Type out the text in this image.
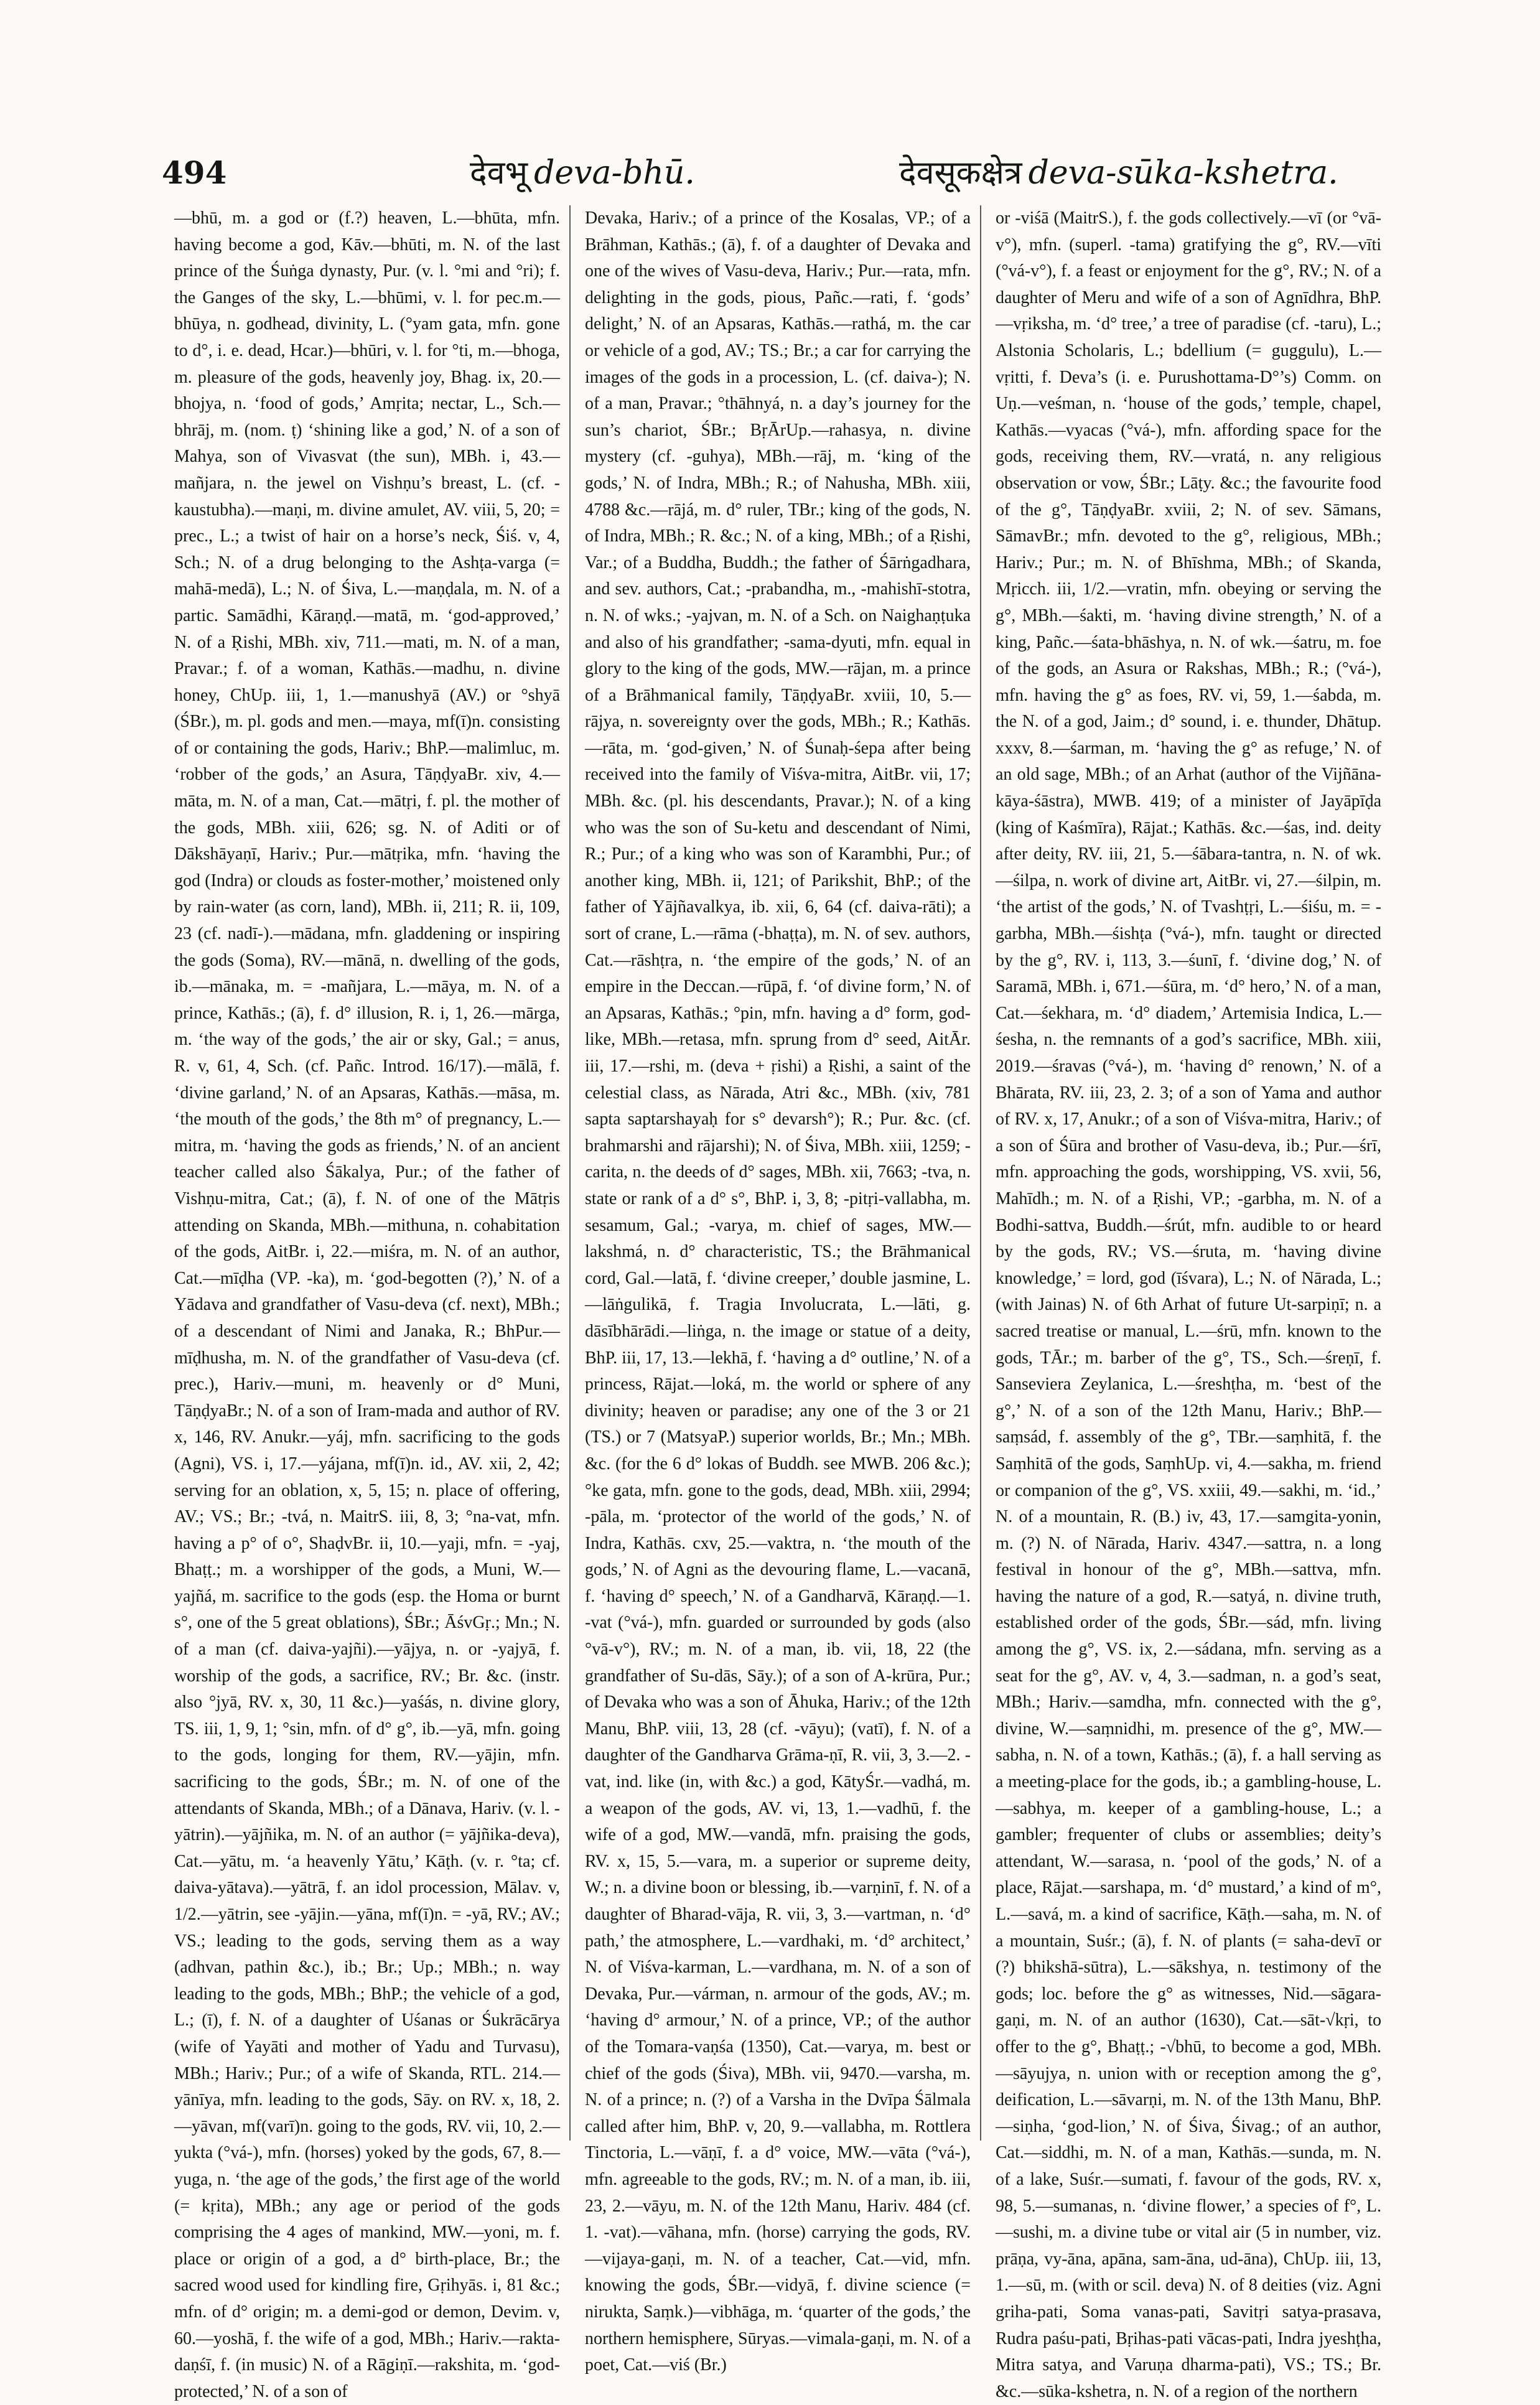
494	देवभू deva-bhū.	देवसूकक्षेत्र deva-sūka-kshetra.
—bhū, m. a god or (f.?) heaven, L.—bhūta, mfn. having become a god, Kāv.—bhūti, m. N. of the last prince of the Śuṅga dynasty, Pur. (v. l. °mi and °ri); f. the Ganges of the sky, L.—bhūmi, v. l. for pec.m.—bhūya, n. godhead, divinity, L. (°yam gata, mfn. gone to d°, i. e. dead, Hcar.)—bhūri, v. l. for °ti, m.—bhoga, m. pleasure of the gods, heavenly joy, Bhag. ix, 20.—bhojya, n. ‘food of gods,’ Amṛita; nectar, L., Sch.—bhrāj, m. (nom. ṭ) ‘shining like a god,’ N. of a son of Mahya, son of Vivasvat (the sun), MBh. i, 43.—mañjara, n. the jewel on Vishṇu’s breast, L. (cf. -kaustubha).—maṇi, m. divine amulet, AV. viii, 5, 20; = prec., L.; a twist of hair on a horse’s neck, Śiś. v, 4, Sch.; N. of a drug belonging to the Ashṭa-varga (= mahā-medā), L.; N. of Śiva, L.—maṇḍala, m. N. of a partic. Samādhi, Kāraṇḍ.—matā, m. ‘god-approved,’ N. of a Ṛishi, MBh. xiv, 711.—mati, m. N. of a man, Pravar.; f. of a woman, Kathās.—madhu, n. divine honey, ChUp. iii, 1, 1.—manushyā (AV.) or °shyā (ŚBr.), m. pl. gods and men.—maya, mf(ī)n. consisting of or containing the gods, Hariv.; BhP.—malimluc, m. ‘robber of the gods,’ an Asura, TāṇḍyaBr. xiv, 4.—māta, m. N. of a man, Cat.—mātṛi, f. pl. the mother of the gods, MBh. xiii, 626; sg. N. of Aditi or of Dākshāyaṇī, Hariv.; Pur.—mātṛika, mfn. ‘having the god (Indra) or clouds as foster-mother,’ moistened only by rain-water (as corn, land), MBh. ii, 211; R. ii, 109, 23 (cf. nadī-).—mādana, mfn. gladdening or inspiring the gods (Soma), RV.—mānā, n. dwelling of the gods, ib.—mānaka, m. = -mañjara, L.—māya, m. N. of a prince, Kathās.; (ā), f. d° illusion, R. i, 1, 26.—mārga, m. ‘the way of the gods,’ the air or sky, Gal.; = anus, R. v, 61, 4, Sch. (cf. Pañc. Introd. 16/17).—mālā, f. ‘divine garland,’ N. of an Apsaras, Kathās.—māsa, m. ‘the mouth of the gods,’ the 8th m° of pregnancy, L.—mitra, m. ‘having the gods as friends,’ N. of an ancient teacher called also Śākalya, Pur.; of the father of Vishṇu-mitra, Cat.; (ā), f. N. of one of the Mātṛis attending on Skanda, MBh.—mithuna, n. cohabitation of the gods, AitBr. i, 22.—miśra, m. N. of an author, Cat.—mīḍha (VP. -ka), m. ‘god-begotten (?),’ N. of a Yādava and grandfather of Vasu-deva (cf. next), MBh.; of a descendant of Nimi and Janaka, R.; BhPur.—mīḍhusha, m. N. of the grandfather of Vasu-deva (cf. prec.), Hariv.—muni, m. heavenly or d° Muni, TāṇḍyaBr.; N. of a son of Iram-mada and author of RV. x, 146, RV. Anukr.—yáj, mfn. sacrificing to the gods (Agni), VS. i, 17.—yájana, mf(ī)n. id., AV. xii, 2, 42; serving for an oblation, x, 5, 15; n. place of offering, AV.; VS.; Br.; -tvá, n. MaitrS. iii, 8, 3; °na-vat, mfn. having a p° of o°, ShaḍvBr. ii, 10.—yaji, mfn. = -yaj, Bhaṭṭ.; m. a worshipper of the gods, a Muni, W.—yajñá, m. sacrifice to the gods (esp. the Homa or burnt s°, one of the 5 great oblations), ŚBr.; ĀśvGṛ.; Mn.; N. of a man (cf. daiva-yajñi).—yājya, n. or -yajyā, f. worship of the gods, a sacrifice, RV.; Br. &c. (instr. also °jyā, RV. x, 30, 11 &c.)—yaśás, n. divine glory, TS. iii, 1, 9, 1; °sin, mfn. of d° g°, ib.—yā, mfn. going to the gods, longing for them, RV.—yājin, mfn. sacrificing to the gods, ŚBr.; m. N. of one of the attendants of Skanda, MBh.; of a Dānava, Hariv. (v. l. -yātrin).—yājñika, m. N. of an author (= yājñika-deva), Cat.—yātu, m. ‘a heavenly Yātu,’ Kāṭh. (v. r. °ta; cf. daiva-yātava).—yātrā, f. an idol procession, Mālav. v, 1/2.—yātrin, see -yājin.—yāna, mf(ī)n. = -yā, RV.; AV.; VS.; leading to the gods, serving them as a way (adhvan, pathin &c.), ib.; Br.; Up.; MBh.; n. way leading to the gods, MBh.; BhP.; the vehicle of a god, L.; (ī), f. N. of a daughter of Uśanas or Śukrācārya (wife of Yayāti and mother of Yadu and Turvasu), MBh.; Hariv.; Pur.; of a wife of Skanda, RTL. 214.—yānīya, mfn. leading to the gods, Sāy. on RV. x, 18, 2.—yāvan, mf(varī)n. going to the gods, RV. vii, 10, 2.—yukta (°vá-), mfn. (horses) yoked by the gods, 67, 8.—yuga, n. ‘the age of the gods,’ the first age of the world (= kṛita), MBh.; any age or period of the gods comprising the 4 ages of mankind, MW.—yoni, m. f. place or origin of a god, a d° birth-place, Br.; the sacred wood used for kindling fire, Gṛihyās. i, 81 &c.; mfn. of d° origin; m. a demi-god or demon, Devim. v, 60.—yoshā, f. the wife of a god, MBh.; Hariv.—rakta-daṇśī, f. (in music) N. of a Rāgiṇī.—rakshita, m. ‘god-protected,’ N. of a son of
Devaka, Hariv.; of a prince of the Kosalas, VP.; of a Brāhman, Kathās.; (ā), f. of a daughter of Devaka and one of the wives of Vasu-deva, Hariv.; Pur.—rata, mfn. delighting in the gods, pious, Pañc.—rati, f. ‘gods’ delight,’ N. of an Apsaras, Kathās.—rathá, m. the car or vehicle of a god, AV.; TS.; Br.; a car for carrying the images of the gods in a procession, L. (cf. daiva-); N. of a man, Pravar.; °thāhnyá, n. a day’s journey for the sun’s chariot, ŚBr.; BṛĀrUp.—rahasya, n. divine mystery (cf. -guhya), MBh.—rāj, m. ‘king of the gods,’ N. of Indra, MBh.; R.; of Nahusha, MBh. xiii, 4788 &c.—rājá, m. d° ruler, TBr.; king of the gods, N. of Indra, MBh.; R. &c.; N. of a king, MBh.; of a Ṛishi, Var.; of a Buddha, Buddh.; the father of Śārṅgadhara, and sev. authors, Cat.; -prabandha, m., -mahishī-stotra, n. N. of wks.; -yajvan, m. N. of a Sch. on Naighaṇṭuka and also of his grandfather; -sama-dyuti, mfn. equal in glory to the king of the gods, MW.—rājan, m. a prince of a Brāhmanical family, TāṇḍyaBr. xviii, 10, 5.—rājya, n. sovereignty over the gods, MBh.; R.; Kathās.—rāta, m. ‘god-given,’ N. of Śunaḥ-śepa after being received into the family of Viśva-mitra, AitBr. vii, 17; MBh. &c. (pl. his descendants, Pravar.); N. of a king who was the son of Su-ketu and descendant of Nimi, R.; Pur.; of a king who was son of Karambhi, Pur.; of another king, MBh. ii, 121; of Parikshit, BhP.; of the father of Yājñavalkya, ib. xii, 6, 64 (cf. daiva-rāti); a sort of crane, L.—rāma (-bhaṭṭa), m. N. of sev. authors, Cat.—rāshṭra, n. ‘the empire of the gods,’ N. of an empire in the Deccan.—rūpā, f. ‘of divine form,’ N. of an Apsaras, Kathās.; °pin, mfn. having a d° form, god-like, MBh.—retasa, mfn. sprung from d° seed, AitĀr. iii, 17.—rshi, m. (deva + ṛishi) a Ṛishi, a saint of the celestial class, as Nārada, Atri &c., MBh. (xiv, 781 sapta saptarshayaḥ for s° devarsh°); R.; Pur. &c. (cf. brahmarshi and rājarshi); N. of Śiva, MBh. xiii, 1259; -carita, n. the deeds of d° sages, MBh. xii, 7663; -tva, n. state or rank of a d° s°, BhP. i, 3, 8; -pitṛi-vallabha, m. sesamum, Gal.; -varya, m. chief of sages, MW.—lakshmá, n. d° characteristic, TS.; the Brāhmanical cord, Gal.—latā, f. ‘divine creeper,’ double jasmine, L.—lāṅgulikā, f. Tragia Involucrata, L.—lāti, g. dāsībhārādi.—liṅga, n. the image or statue of a deity, BhP. iii, 17, 13.—lekhā, f. ‘having a d° outline,’ N. of a princess, Rājat.—loká, m. the world or sphere of any divinity; heaven or paradise; any one of the 3 or 21 (TS.) or 7 (MatsyaP.) superior worlds, Br.; Mn.; MBh. &c. (for the 6 d° lokas of Buddh. see MWB. 206 &c.); °ke gata, mfn. gone to the gods, dead, MBh. xiii, 2994; -pāla, m. ‘protector of the world of the gods,’ N. of Indra, Kathās. cxv, 25.—vaktra, n. ‘the mouth of the gods,’ N. of Agni as the devouring flame, L.—vacanā, f. ‘having d° speech,’ N. of a Gandharvā, Kāraṇḍ.—1. -vat (°vá-), mfn. guarded or surrounded by gods (also °vā-v°), RV.; m. N. of a man, ib. vii, 18, 22 (the grandfather of Su-dās, Sāy.); of a son of A-krūra, Pur.; of Devaka who was a son of Āhuka, Hariv.; of the 12th Manu, BhP. viii, 13, 28 (cf. -vāyu); (vatī), f. N. of a daughter of the Gandharva Grāma-ṇī, R. vii, 3, 3.—2. -vat, ind. like (in, with &c.) a god, KātyŚr.—vadhá, m. a weapon of the gods, AV. vi, 13, 1.—vadhū, f. the wife of a god, MW.—vandā, mfn. praising the gods, RV. x, 15, 5.—vara, m. a superior or supreme deity, W.; n. a divine boon or blessing, ib.—varṇinī, f. N. of a daughter of Bharad-vāja, R. vii, 3, 3.—vartman, n. ‘d° path,’ the atmosphere, L.—vardhaki, m. ‘d° architect,’ N. of Viśva-karman, L.—vardhana, m. N. of a son of Devaka, Pur.—várman, n. armour of the gods, AV.; m. ‘having d° armour,’ N. of a prince, VP.; of the author of the Tomara-vaṇśa (1350), Cat.—varya, m. best or chief of the gods (Śiva), MBh. vii, 9470.—varsha, m. N. of a prince; n. (?) of a Varsha in the Dvīpa Śālmala called after him, BhP. v, 20, 9.—vallabha, m. Rottlera Tinctoria, L.—vāṇī, f. a d° voice, MW.—vāta (°vá-), mfn. agreeable to the gods, RV.; m. N. of a man, ib. iii, 23, 2.—vāyu, m. N. of the 12th Manu, Hariv. 484 (cf. 1. -vat).—vāhana, mfn. (horse) carrying the gods, RV.—vijaya-gaṇi, m. N. of a teacher, Cat.—vid, mfn. knowing the gods, ŚBr.—vidyā, f. divine science (= nirukta, Saṃk.)—vibhāga, m. ‘quarter of the gods,’ the northern hemisphere, Sūryas.—vimala-gaṇi, m. N. of a poet, Cat.—viś (Br.)
or -viśā (MaitrS.), f. the gods collectively.—vī (or °vā-v°), mfn. (superl. -tama) gratifying the g°, RV.—vīti (°vá-v°), f. a feast or enjoyment for the g°, RV.; N. of a daughter of Meru and wife of a son of Agnīdhra, BhP.—vṛiksha, m. ‘d° tree,’ a tree of paradise (cf. -taru), L.; Alstonia Scholaris, L.; bdellium (= guggulu), L.—vṛitti, f. Deva’s (i. e. Purushottama-D°’s) Comm. on Uṇ.—veśman, n. ‘house of the gods,’ temple, chapel, Kathās.—vyacas (°vá-), mfn. affording space for the gods, receiving them, RV.—vratá, n. any religious observation or vow, ŚBr.; Lāṭy. &c.; the favourite food of the g°, TāṇḍyaBr. xviii, 2; N. of sev. Sāmans, SāmavBr.; mfn. devoted to the g°, religious, MBh.; Hariv.; Pur.; m. N. of Bhīshma, MBh.; of Skanda, Mṛicch. iii, 1/2.—vratin, mfn. obeying or serving the g°, MBh.—śakti, m. ‘having divine strength,’ N. of a king, Pañc.—śata-bhāshya, n. N. of wk.—śatru, m. foe of the gods, an Asura or Rakshas, MBh.; R.; (°vá-), mfn. having the g° as foes, RV. vi, 59, 1.—śabda, m. the N. of a god, Jaim.; d° sound, i. e. thunder, Dhātup. xxxv, 8.—śarman, m. ‘having the g° as refuge,’ N. of an old sage, MBh.; of an Arhat (author of the Vijñāna-kāya-śāstra), MWB. 419; of a minister of Jayāpīḍa (king of Kaśmīra), Rājat.; Kathās. &c.—śas, ind. deity after deity, RV. iii, 21, 5.—śābara-tantra, n. N. of wk.—śilpa, n. work of divine art, AitBr. vi, 27.—śilpin, m. ‘the artist of the gods,’ N. of Tvashṭṛi, L.—śiśu, m. = -garbha, MBh.—śishṭa (°vá-), mfn. taught or directed by the g°, RV. i, 113, 3.—śunī, f. ‘divine dog,’ N. of Saramā, MBh. i, 671.—śūra, m. ‘d° hero,’ N. of a man, Cat.—śekhara, m. ‘d° diadem,’ Artemisia Indica, L.—śesha, n. the remnants of a god’s sacrifice, MBh. xiii, 2019.—śravas (°vá-), m. ‘having d° renown,’ N. of a Bhārata, RV. iii, 23, 2. 3; of a son of Yama and author of RV. x, 17, Anukr.; of a son of Viśva-mitra, Hariv.; of a son of Śūra and brother of Vasu-deva, ib.; Pur.—śrī, mfn. approaching the gods, worshipping, VS. xvii, 56, Mahīdh.; m. N. of a Ṛishi, VP.; -garbha, m. N. of a Bodhi-sattva, Buddh.—śrút, mfn. audible to or heard by the gods, RV.; VS.—śruta, m. ‘having divine knowledge,’ = lord, god (īśvara), L.; N. of Nārada, L.; (with Jainas) N. of 6th Arhat of future Ut-sarpiṇī; n. a sacred treatise or manual, L.—śrū, mfn. known to the gods, TĀr.; m. barber of the g°, TS., Sch.—śreṇī, f. Sanseviera Zeylanica, L.—śreshṭha, m. ‘best of the g°,’ N. of a son of the 12th Manu, Hariv.; BhP.—saṃsád, f. assembly of the g°, TBr.—saṃhitā, f. the Saṃhitā of the gods, SaṃhUp. vi, 4.—sakha, m. friend or companion of the g°, VS. xxiii, 49.—sakhi, m. ‘id.,’ N. of a mountain, R. (B.) iv, 43, 17.—samgita-yonin, m. (?) N. of Nārada, Hariv. 4347.—sattra, n. a long festival in honour of the g°, MBh.—sattva, mfn. having the nature of a god, R.—satyá, n. divine truth, established order of the gods, ŚBr.—sád, mfn. living among the g°, VS. ix, 2.—sádana, mfn. serving as a seat for the g°, AV. v, 4, 3.—sadman, n. a god’s seat, MBh.; Hariv.—samdha, mfn. connected with the g°, divine, W.—saṃnidhi, m. presence of the g°, MW.—sabha, n. N. of a town, Kathās.; (ā), f. a hall serving as a meeting-place for the gods, ib.; a gambling-house, L.—sabhya, m. keeper of a gambling-house, L.; a gambler; frequenter of clubs or assemblies; deity’s attendant, W.—sarasa, n. ‘pool of the gods,’ N. of a place, Rājat.—sarshapa, m. ‘d° mustard,’ a kind of m°, L.—savá, m. a kind of sacrifice, Kāṭh.—saha, m. N. of a mountain, Suśr.; (ā), f. N. of plants (= saha-devī or (?) bhikshā-sūtra), L.—sākshya, n. testimony of the gods; loc. before the g° as witnesses, Nid.—sāgara-gaṇi, m. N. of an author (1630), Cat.—sāt-√kṛi, to offer to the g°, Bhaṭṭ.; -√bhū, to become a god, MBh.—sāyujya, n. union with or reception among the g°, deification, L.—sāvarṇi, m. N. of the 13th Manu, BhP.—siṇha, ‘god-lion,’ N. of Śiva, Śivag.; of an author, Cat.—siddhi, m. N. of a man, Kathās.—sunda, m. N. of a lake, Suśr.—sumati, f. favour of the gods, RV. x, 98, 5.—sumanas, n. ‘divine flower,’ a species of f°, L.—sushi, m. a divine tube or vital air (5 in number, viz. prāṇa, vy-āna, apāna, sam-āna, ud-āna), ChUp. iii, 13, 1.—sū, m. (with or scil. deva) N. of 8 deities (viz. Agni griha-pati, Soma vanas-pati, Savitṛi satya-prasava, Rudra paśu-pati, Bṛihas-pati vācas-pati, Indra jyeshṭha, Mitra satya, and Varuṇa dharma-pati), VS.; TS.; Br. &c.—sūka-kshetra, n. N. of a region of the northern
